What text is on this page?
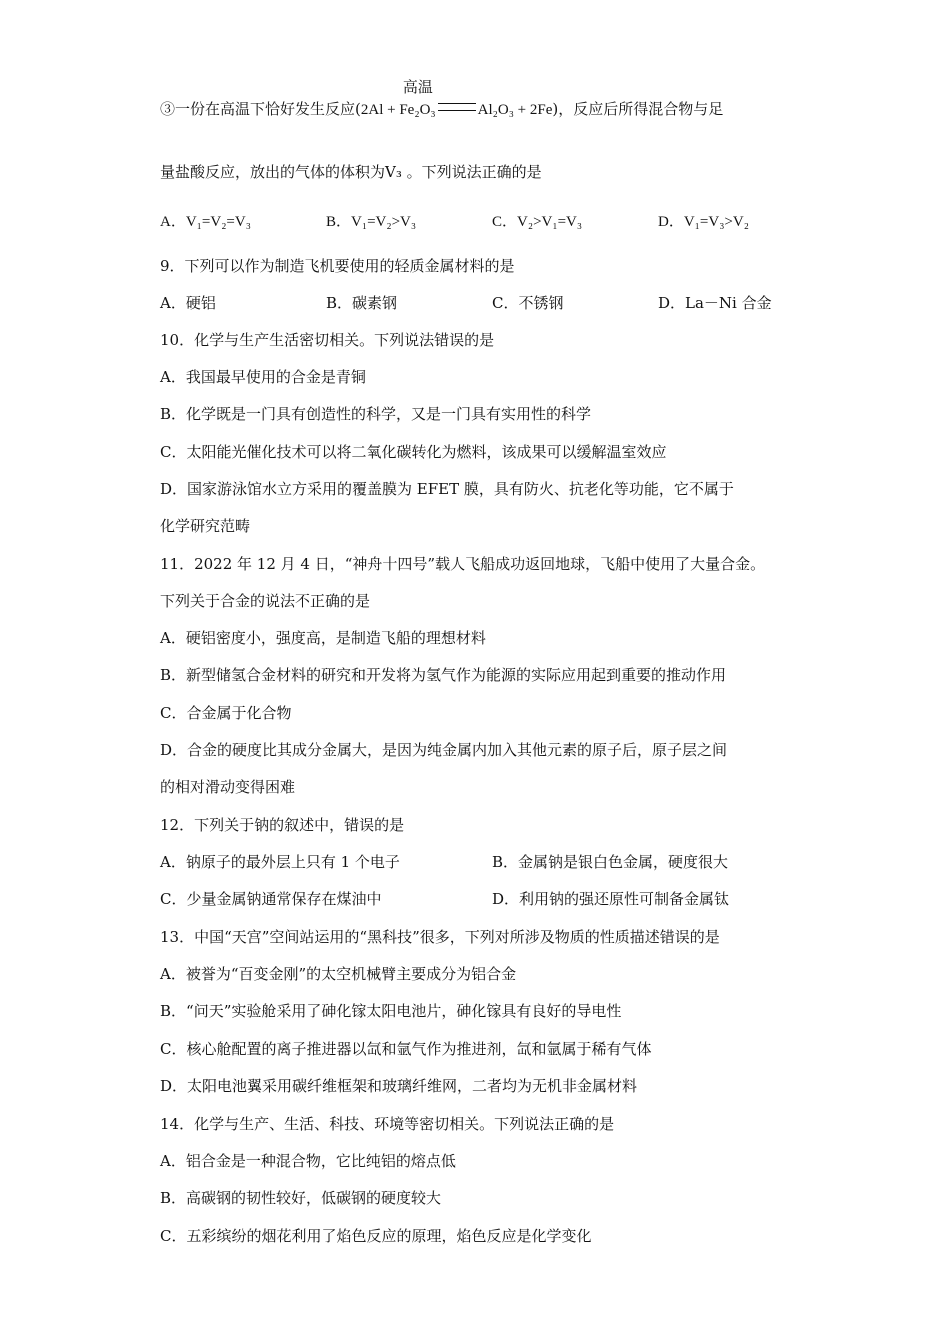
③一份在高温下恰好发生反应(2Al + Fe₂O₃
高温
Al₂O₃ + 2Fe)，反应后所得混合物与足
量盐酸反应，放出的气体的体积为V₃ 。下列说法正确的是
A．V₁=V₂=V₃	B．V₁=V₂>V₃	C．V₂>V₁=V₃	D．V₁=V₃>V₂
9．下列可以作为制造飞机要使用的轻质金属材料的是
A．硬铝	B．碳素钢	C．不锈钢	D．La－Ni 合金
10．化学与生产生活密切相关。下列说法错误的是
A．我国最早使用的合金是青铜
B．化学既是一门具有创造性的科学，又是一门具有实用性的科学
C．太阳能光催化技术可以将二氧化碳转化为燃料，该成果可以缓解温室效应
D．国家游泳馆水立方采用的覆盖膜为 EFET 膜，具有防火、抗老化等功能，它不属于
化学研究范畴
11．2022 年 12 月 4 日，“神舟十四号”载人飞船成功返回地球，飞船中使用了大量合金。
下列关于合金的说法不正确的是
A．硬铝密度小，强度高，是制造飞船的理想材料
B．新型储氢合金材料的研究和开发将为氢气作为能源的实际应用起到重要的推动作用
C．合金属于化合物
D．合金的硬度比其成分金属大，是因为纯金属内加入其他元素的原子后，原子层之间
的相对滑动变得困难
12．下列关于钠的叙述中，错误的是
A．钠原子的最外层上只有 1 个电子	B．金属钠是银白色金属，硬度很大
C．少量金属钠通常保存在煤油中	D．利用钠的强还原性可制备金属钛
13．中国“天宫”空间站运用的“黑科技”很多，下列对所涉及物质的性质描述错误的是
A．被誉为“百变金刚”的太空机械臂主要成分为铝合金
B．“问天”实验舱采用了砷化镓太阳电池片，砷化镓具有良好的导电性
C．核心舱配置的离子推进器以氙和氩气作为推进剂，氙和氩属于稀有气体
D．太阳电池翼采用碳纤维框架和玻璃纤维网，二者均为无机非金属材料
14．化学与生产、生活、科技、环境等密切相关。下列说法正确的是
A．铝合金是一种混合物，它比纯铝的熔点低
B．高碳钢的韧性较好，低碳钢的硬度较大
C．五彩缤纷的烟花利用了焰色反应的原理，焰色反应是化学变化
